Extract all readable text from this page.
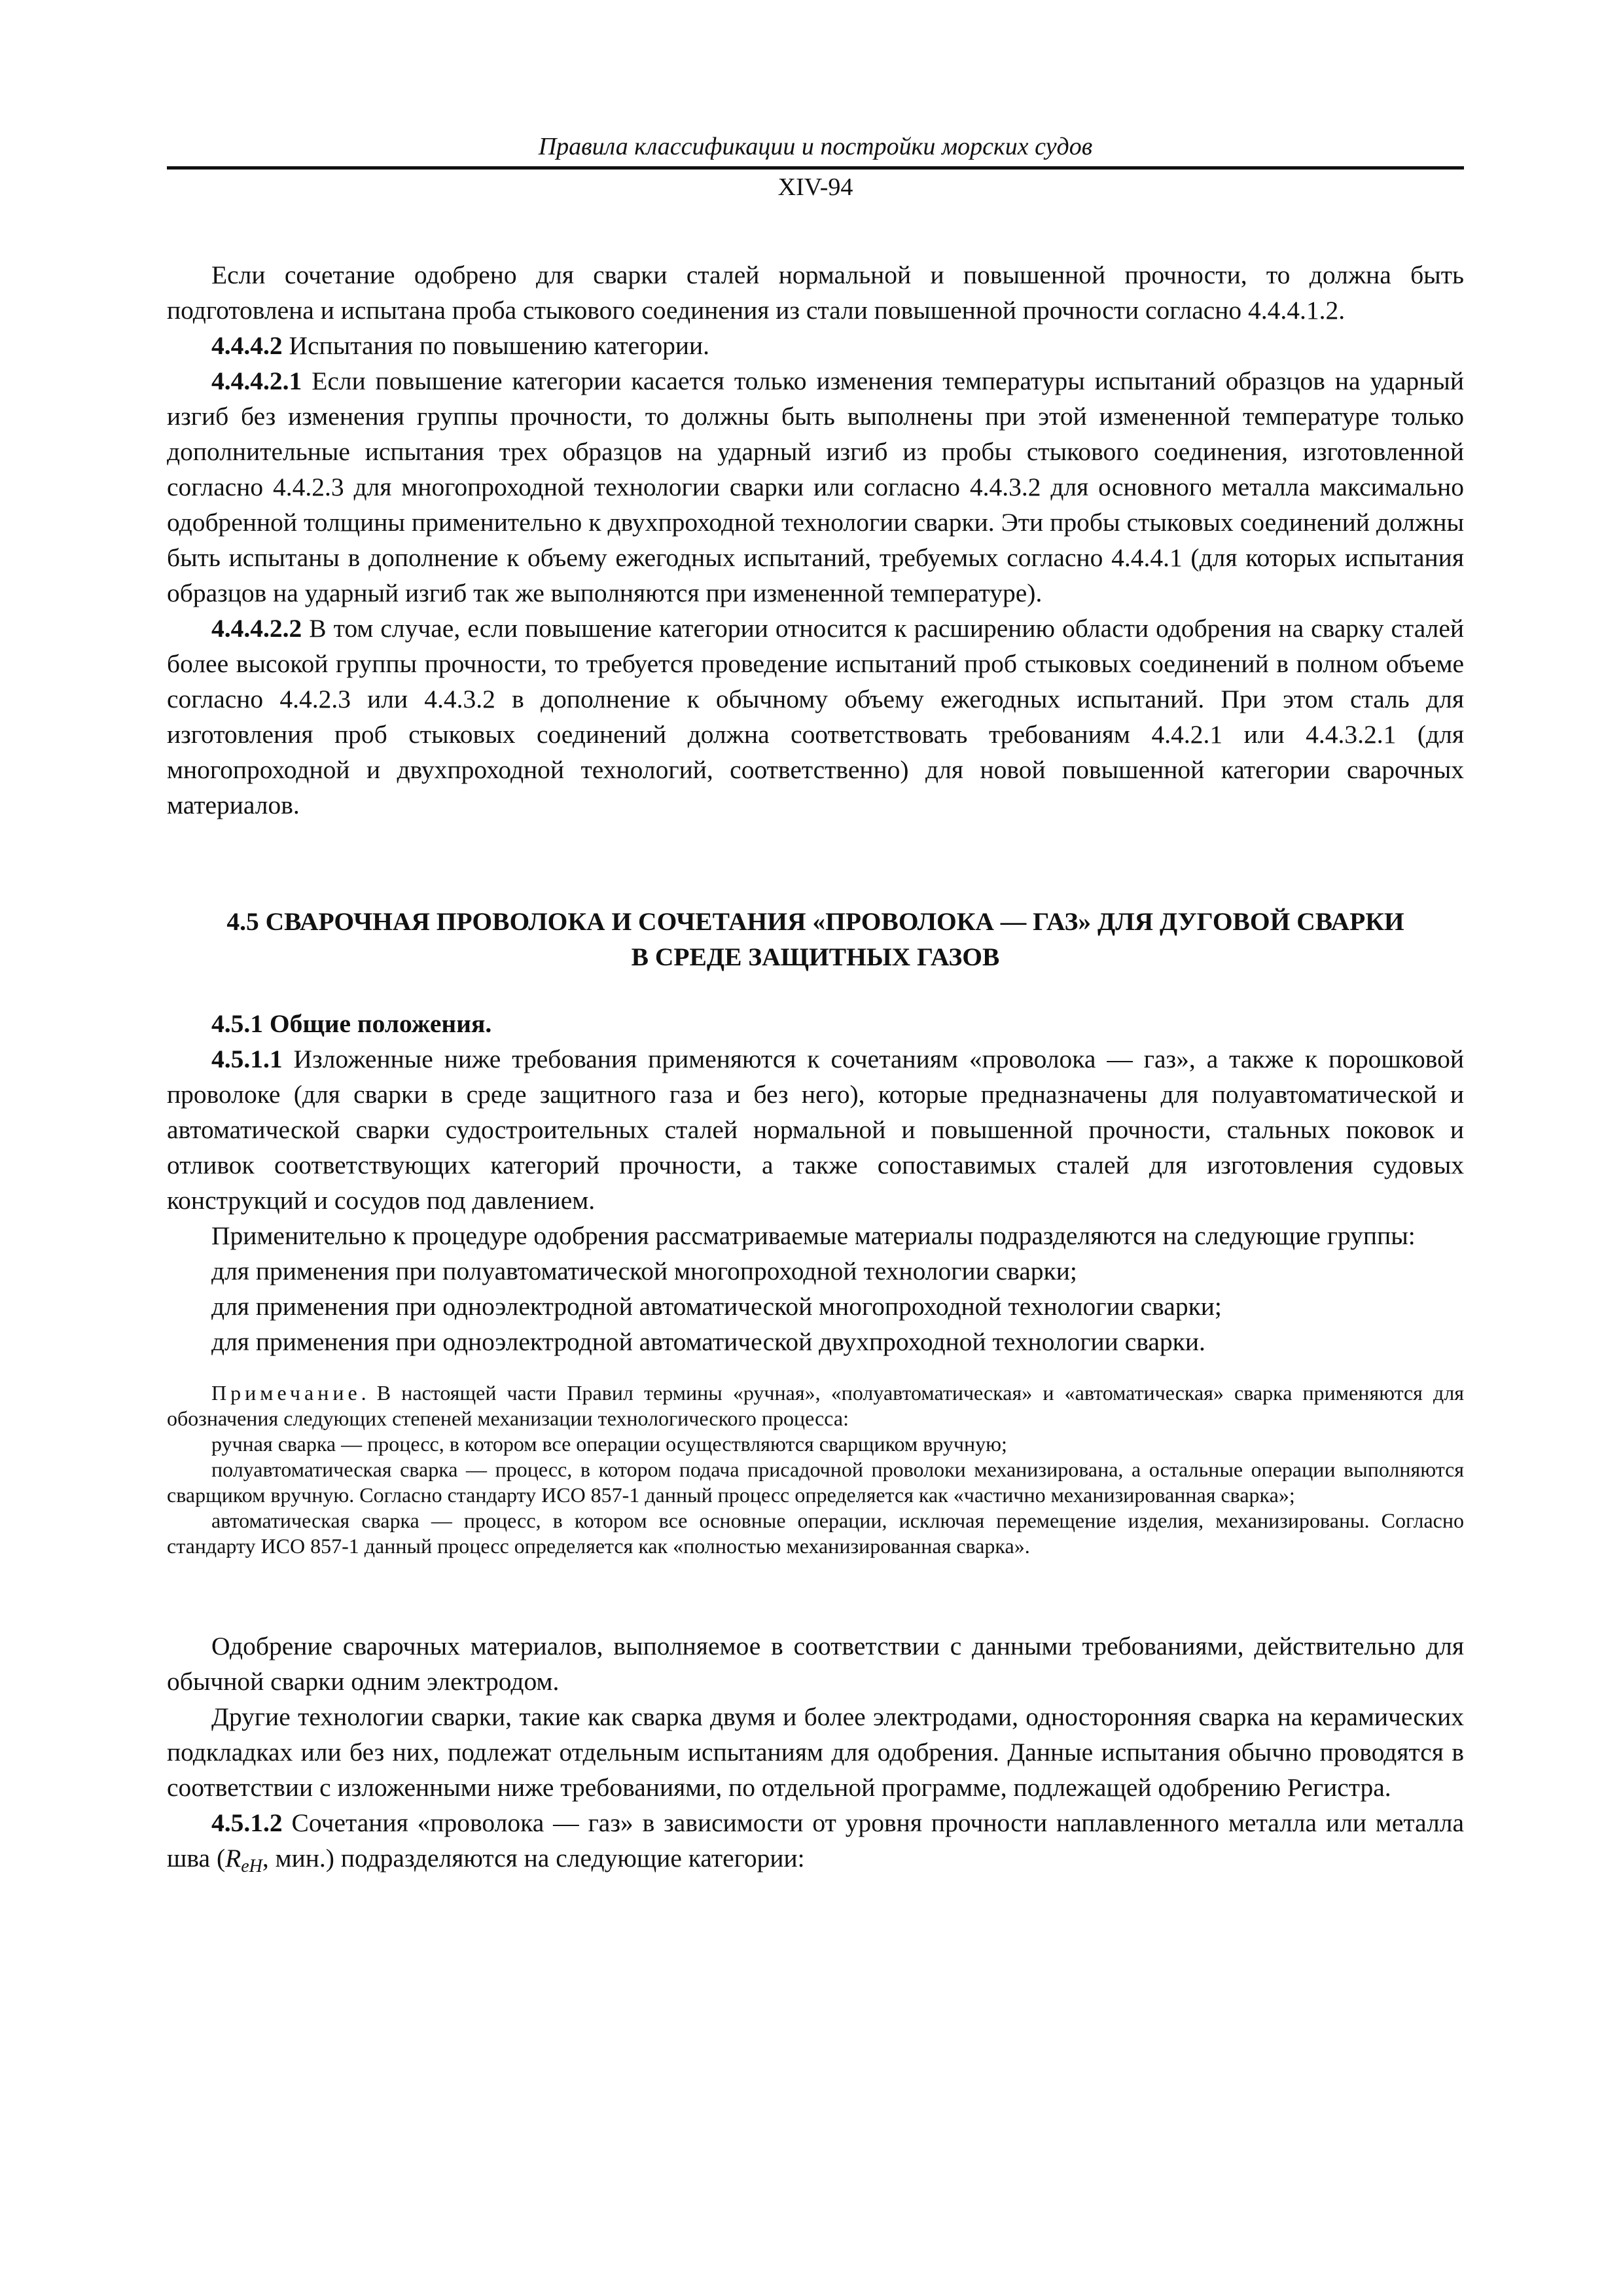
Правила классификации и постройки морских судов
XIV-94

Если сочетание одобрено для сварки сталей нормальной и повышенной прочности, то должна быть подготовлена и испытана проба стыкового соединения из стали повышенной прочности согласно 4.4.4.1.2.

4.4.4.2 Испытания по повышению категории.

4.4.4.2.1 Если повышение категории касается только изменения температуры испытаний образцов на ударный изгиб без изменения группы прочности, то должны быть выполнены при этой измененной температуре только дополнительные испытания трех образцов на ударный изгиб из пробы стыкового соединения, изготовленной согласно 4.4.2.3 для многопроходной технологии сварки или согласно 4.4.3.2 для основного металла максимально одобренной толщины применительно к двухпроходной технологии сварки. Эти пробы стыковых соединений должны быть испытаны в дополнение к объему ежегодных испытаний, требуемых согласно 4.4.4.1 (для которых испытания образцов на ударный изгиб так же выполняются при измененной температуре).

4.4.4.2.2 В том случае, если повышение категории относится к расширению области одобрения на сварку сталей более высокой группы прочности, то требуется проведение испытаний проб стыковых соединений в полном объеме согласно 4.4.2.3 или 4.4.3.2 в дополнение к обычному объему ежегодных испытаний. При этом сталь для изготовления проб стыковых соединений должна соответствовать требованиям 4.4.2.1 или 4.4.3.2.1 (для многопроходной и двухпроходной технологий, соответственно) для новой повышенной категории сварочных материалов.

4.5 СВАРОЧНАЯ ПРОВОЛОКА И СОЧЕТАНИЯ «ПРОВОЛОКА — ГАЗ» ДЛЯ ДУГОВОЙ СВАРКИ
В СРЕДЕ ЗАЩИТНЫХ ГАЗОВ

4.5.1 Общие положения.

4.5.1.1 Изложенные ниже требования применяются к сочетаниям «проволока — газ», а также к порошковой проволоке (для сварки в среде защитного газа и без него), которые предназначены для полуавтоматической и автоматической сварки судостроительных сталей нормальной и повышенной прочности, стальных поковок и отливок соответствующих категорий прочности, а также сопоставимых сталей для изготовления судовых конструкций и сосудов под давлением.

Применительно к процедуре одобрения рассматриваемые материалы подразделяются на следующие группы:

для применения при полуавтоматической многопроходной технологии сварки;

для применения при одноэлектродной автоматической многопроходной технологии сварки;

для применения при одноэлектродной автоматической двухпроходной технологии сварки.

Примечание. В настоящей части Правил термины «ручная», «полуавтоматическая» и «автоматическая» сварка применяются для обозначения следующих степеней механизации технологического процесса:

ручная сварка — процесс, в котором все операции осуществляются сварщиком вручную;

полуавтоматическая сварка — процесс, в котором подача присадочной проволоки механизирована, а остальные операции выполняются сварщиком вручную. Согласно стандарту ИСО 857-1 данный процесс определяется как «частично механизированная сварка»;

автоматическая сварка — процесс, в котором все основные операции, исключая перемещение изделия, механизированы. Согласно стандарту ИСО 857-1 данный процесс определяется как «полностью механизированная сварка».

Одобрение сварочных материалов, выполняемое в соответствии с данными требованиями, действительно для обычной сварки одним электродом.

Другие технологии сварки, такие как сварка двумя и более электродами, односторонняя сварка на керамических подкладках или без них, подлежат отдельным испытаниям для одобрения. Данные испытания обычно проводятся в соответствии с изложенными ниже требованиями, по отдельной программе, подлежащей одобрению Регистра.

4.5.1.2 Сочетания «проволока — газ» в зависимости от уровня прочности наплавленного металла или металла шва ($R_{eH}$, мин.) подразделяются на следующие категории:
